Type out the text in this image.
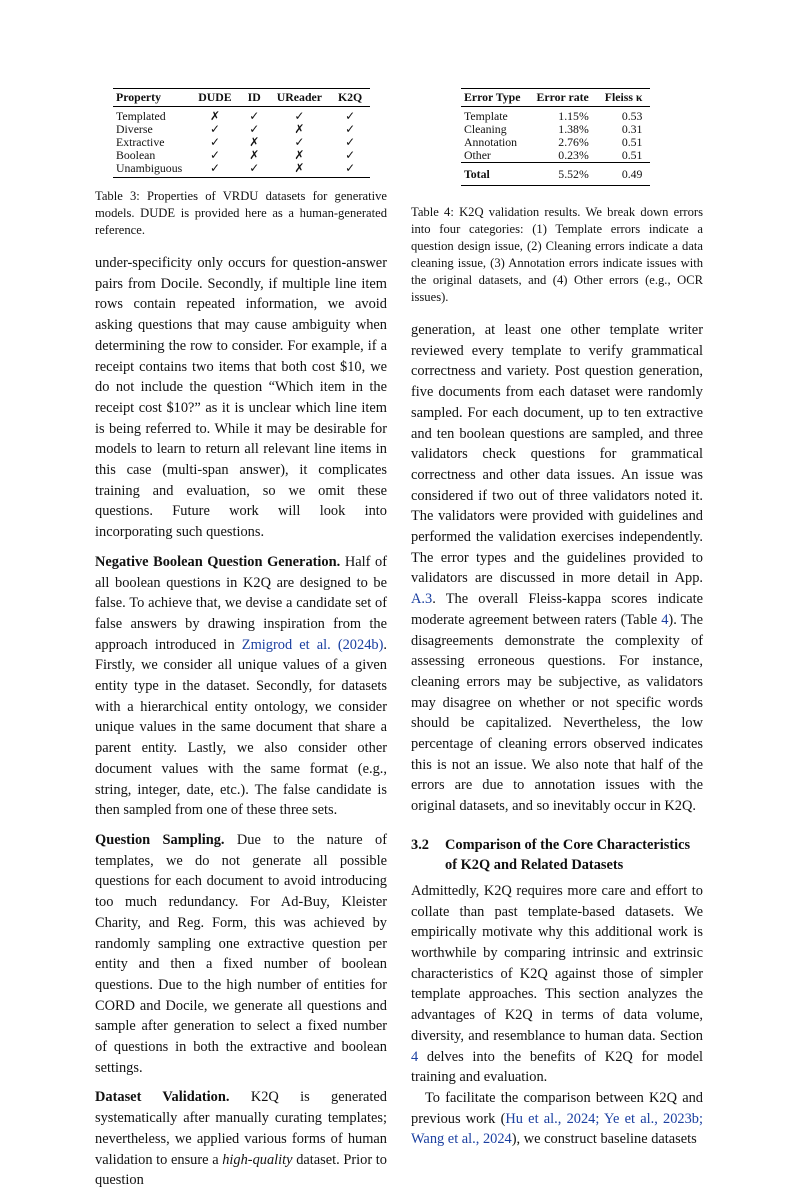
Property	DUDE	ID	UReader	K2Q
Templated	✗	✓	✓	✓
Diverse	✓	✓	✗	✓
Extractive	✓	✗	✓	✓
Boolean	✓	✗	✗	✓
Unambiguous	✓	✓	✗	✓

Table 3: Properties of VRDU datasets for generative models. DUDE is provided here as a human-generated reference.

under-specificity only occurs for question-answer pairs from Docile. Secondly, if multiple line item rows contain repeated information, we avoid asking questions that may cause ambiguity when determining the row to consider. For example, if a receipt contains two items that both cost $10, we do not include the question “Which item in the receipt cost $10?” as it is unclear which line item is being referred to. While it may be desirable for models to learn to return all relevant line items in this case (multi-span answer), it complicates training and evaluation, so we omit these questions. Future work will look into incorporating such questions.

Negative Boolean Question Generation. Half of all boolean questions in K2Q are designed to be false. To achieve that, we devise a candidate set of false answers by drawing inspiration from the approach introduced in Zmigrod et al. (2024b). Firstly, we consider all unique values of a given entity type in the dataset. Secondly, for datasets with a hierarchical entity ontology, we consider unique values in the same document that share a parent entity. Lastly, we also consider other document values with the same format (e.g., string, integer, date, etc.). The false candidate is then sampled from one of these three sets.

Question Sampling. Due to the nature of templates, we do not generate all possible questions for each document to avoid introducing too much redundancy. For Ad-Buy, Kleister Charity, and Reg. Form, this was achieved by randomly sampling one extractive question per entity and then a fixed number of boolean questions. Due to the high number of entities for CORD and Docile, we generate all questions and sample after generation to select a fixed number of questions in both the extractive and boolean settings.

Dataset Validation. K2Q is generated systematically after manually curating templates; nevertheless, we applied various forms of human validation to ensure a high-quality dataset. Prior to question

Error Type	Error rate	Fleiss κ
Template	1.15%	0.53
Cleaning	1.38%	0.31
Annotation	2.76%	0.51
Other	0.23%	0.51
Total	5.52%	0.49

Table 4: K2Q validation results. We break down errors into four categories: (1) Template errors indicate a question design issue, (2) Cleaning errors indicate a data cleaning issue, (3) Annotation errors indicate issues with the original datasets, and (4) Other errors (e.g., OCR issues).

generation, at least one other template writer reviewed every template to verify grammatical correctness and variety. Post question generation, five documents from each dataset were randomly sampled. For each document, up to ten extractive and ten boolean questions are sampled, and three validators check questions for grammatical correctness and other data issues. An issue was considered if two out of three validators noted it. The validators were provided with guidelines and performed the validation exercises independently. The error types and the guidelines provided to validators are discussed in more detail in App. A.3. The overall Fleiss-kappa scores indicate moderate agreement between raters (Table 4). The disagreements demonstrate the complexity of assessing erroneous questions. For instance, cleaning errors may be subjective, as validators may disagree on whether or not specific words should be capitalized. Nevertheless, the low percentage of cleaning errors observed indicates this is not an issue. We also note that half of the errors are due to annotation issues with the original datasets, and so inevitably occur in K2Q.

3.2	Comparison of the Core Characteristics of K2Q and Related Datasets

Admittedly, K2Q requires more care and effort to collate than past template-based datasets. We empirically motivate why this additional work is worthwhile by comparing intrinsic and extrinsic characteristics of K2Q against those of simpler template approaches. This section analyzes the advantages of K2Q in terms of data volume, diversity, and resemblance to human data. Section 4 delves into the benefits of K2Q for model training and evaluation.

To facilitate the comparison between K2Q and previous work (Hu et al., 2024; Ye et al., 2023b; Wang et al., 2024), we construct baseline datasets
